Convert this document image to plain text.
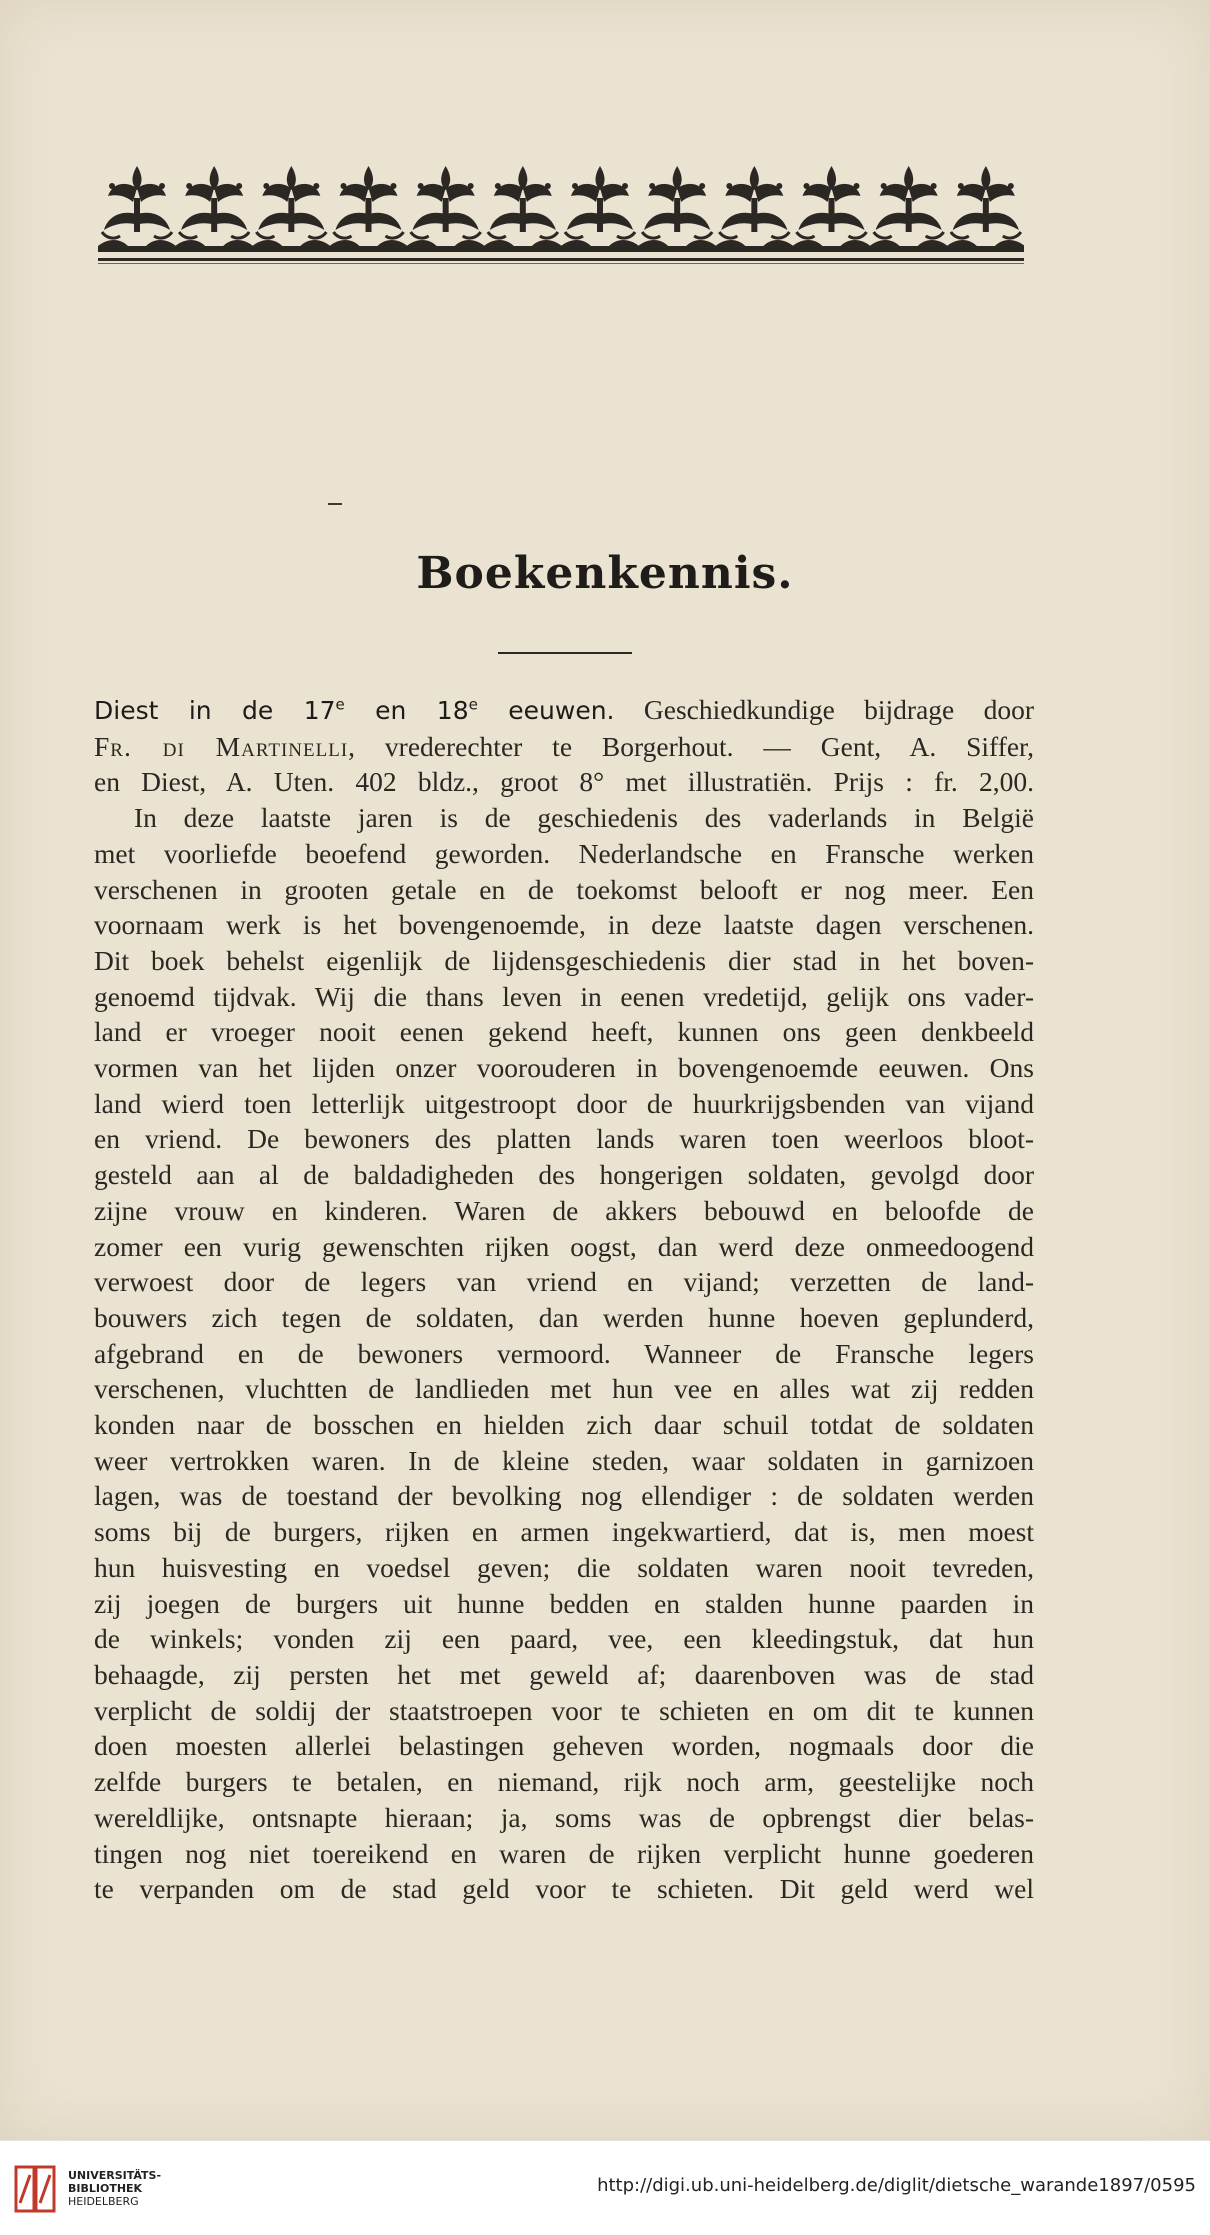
Boekenkennis.
Diest in de 17e en 18e eeuwen. Geschiedkundige bijdrage door
Fr. di Martinelli, vrederechter te Borgerhout. — Gent, A. Siffer,
en Diest, A. Uten. 402 bldz., groot 8° met illustratiën. Prijs : fr. 2,00.
In deze laatste jaren is de geschiedenis des vaderlands in België
met voorliefde beoefend geworden. Nederlandsche en Fransche werken
verschenen in grooten getale en de toekomst belooft er nog meer. Een
voornaam werk is het bovengenoemde, in deze laatste dagen verschenen.
Dit boek behelst eigenlijk de lijdensgeschiedenis dier stad in het boven-
genoemd tijdvak. Wij die thans leven in eenen vredetijd, gelijk ons vader-
land er vroeger nooit eenen gekend heeft, kunnen ons geen denkbeeld
vormen van het lijden onzer voorouderen in bovengenoemde eeuwen. Ons
land wierd toen letterlijk uitgestroopt door de huurkrijgsbenden van vijand
en vriend. De bewoners des platten lands waren toen weerloos bloot-
gesteld aan al de baldadigheden des hongerigen soldaten, gevolgd door
zijne vrouw en kinderen. Waren de akkers bebouwd en beloofde de
zomer een vurig gewenschten rijken oogst, dan werd deze onmeedoogend
verwoest door de legers van vriend en vijand; verzetten de land-
bouwers zich tegen de soldaten, dan werden hunne hoeven geplunderd,
afgebrand en de bewoners vermoord. Wanneer de Fransche legers
verschenen, vluchtten de landlieden met hun vee en alles wat zij redden
konden naar de bosschen en hielden zich daar schuil totdat de soldaten
weer vertrokken waren. In de kleine steden, waar soldaten in garnizoen
lagen, was de toestand der bevolking nog ellendiger : de soldaten werden
soms bij de burgers, rijken en armen ingekwartierd, dat is, men moest
hun huisvesting en voedsel geven; die soldaten waren nooit tevreden,
zij joegen de burgers uit hunne bedden en stalden hunne paarden in
de winkels; vonden zij een paard, vee, een kleedingstuk, dat hun
behaagde, zij persten het met geweld af; daarenboven was de stad
verplicht de soldij der staatstroepen voor te schieten en om dit te kunnen
doen moesten allerlei belastingen geheven worden, nogmaals door die
zelfde burgers te betalen, en niemand, rijk noch arm, geestelijke noch
wereldlijke, ontsnapte hieraan; ja, soms was de opbrengst dier belas-
tingen nog niet toereikend en waren de rijken verplicht hunne goederen
te verpanden om de stad geld voor te schieten. Dit geld werd wel
UNIVERSITÄTS-
BIBLIOTHEK
HEIDELBERG
http://digi.ub.uni-heidelberg.de/diglit/dietsche_warande1897/0595
